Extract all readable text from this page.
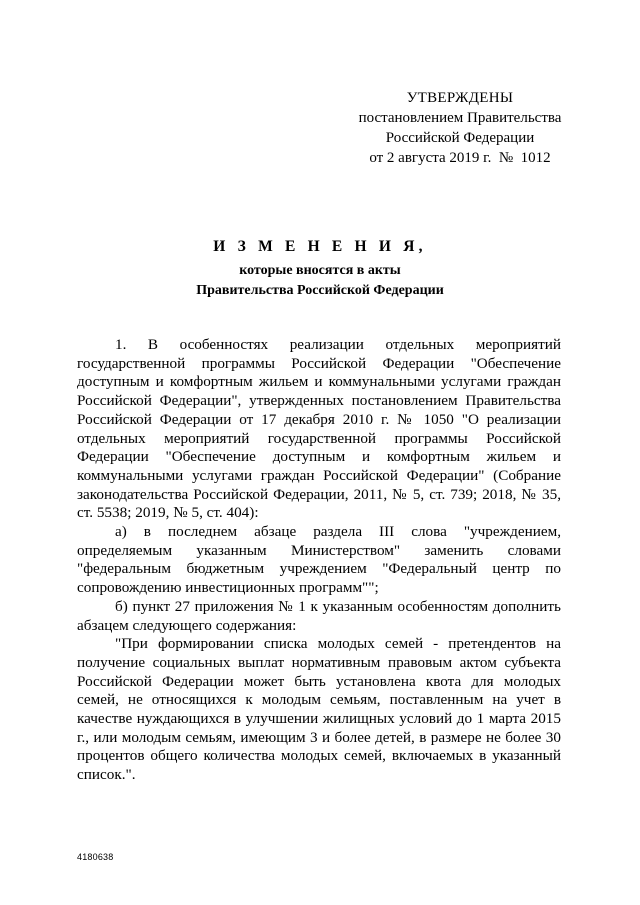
УТВЕРЖДЕНЫ
постановлением Правительства
Российской Федерации
от 2 августа 2019 г.  №  1012
И З М Е Н Е Н И Я,
которые вносятся в акты
Правительства Российской Федерации

1. В особенностях реализации отдельных мероприятий государственной программы Российской Федерации "Обеспечение доступным и комфортным жильем и коммунальными услугами граждан Российской Федерации", утвержденных постановлением Правительства Российской Федерации от 17 декабря 2010 г. № 1050 "О реализации отдельных мероприятий государственной программы Российской Федерации "Обеспечение доступным и комфортным жильем и коммунальными услугами граждан Российской Федерации" (Собрание законодательства Российской Федерации, 2011, № 5, ст. 739; 2018, № 35, ст. 5538; 2019, № 5, ст. 404):

а) в последнем абзаце раздела III слова "учреждением, определяемым указанным Министерством" заменить словами "федеральным бюджетным учреждением "Федеральный центр по сопровождению инвестиционных программ"";

б) пункт 27 приложения № 1 к указанным особенностям дополнить абзацем следующего содержания:

"При формировании списка молодых семей - претендентов на получение социальных выплат нормативным правовым актом субъекта Российской Федерации может быть установлена квота для молодых семей, не относящихся к молодым семьям, поставленным на учет в качестве нуждающихся в улучшении жилищных условий до 1 марта 2015 г., или молодым семьям, имеющим 3 и более детей, в размере не более 30 процентов общего количества молодых семей, включаемых в указанный список.".

4180638
